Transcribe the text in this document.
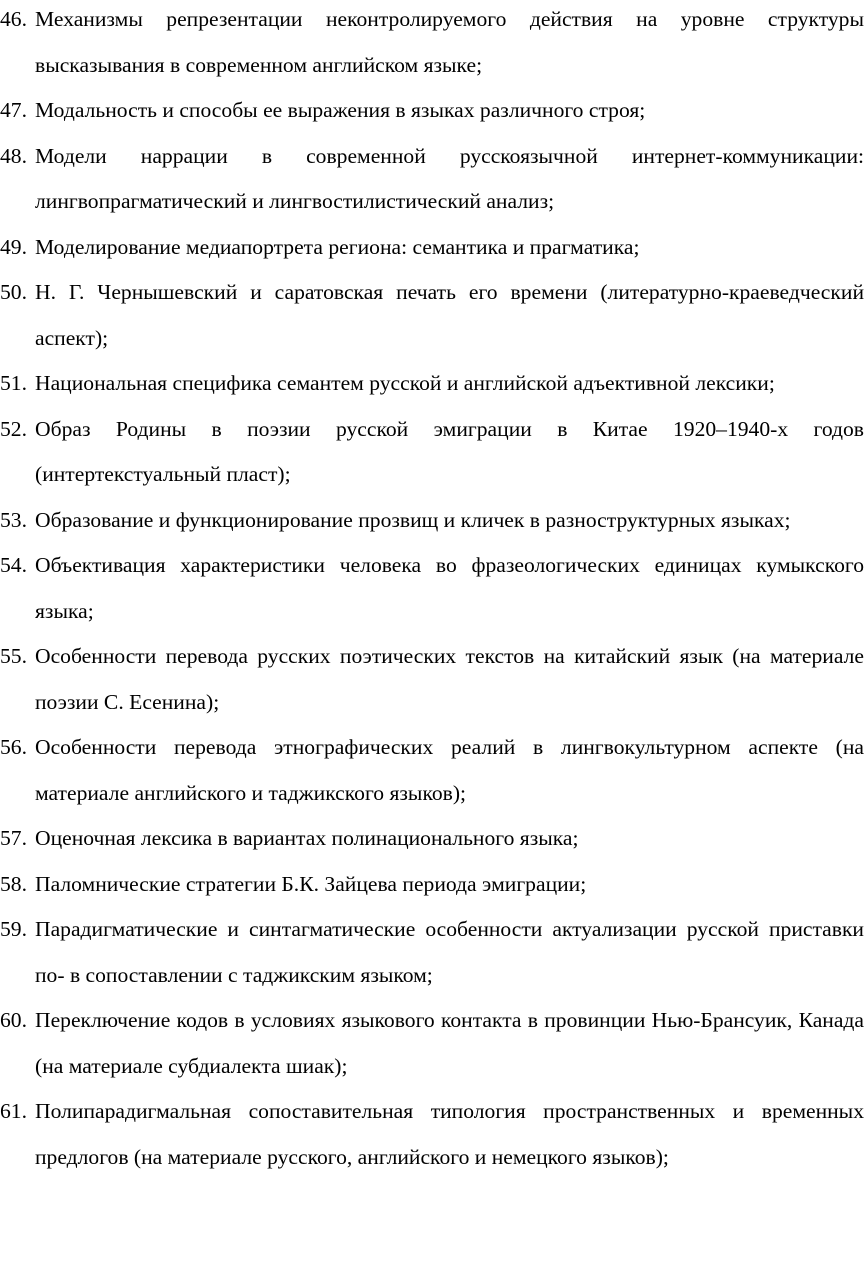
46. Механизмы репрезентации неконтролируемого действия на уровне структуры высказывания в современном английском языке;
47. Модальность и способы ее выражения в языках различного строя;
48. Модели наррации в современной русскоязычной интернет-коммуникации: лингвопрагматический и лингвостилистический анализ;
49. Моделирование медиапортрета региона: семантика и прагматика;
50. Н. Г. Чернышевский и саратовская печать его времени (литературно-краеведческий аспект);
51. Национальная специфика семантем русской и английской адъективной лексики;
52. Образ Родины в поэзии русской эмиграции в Китае 1920–1940-х годов (интертекстуальный пласт);
53. Образование и функционирование прозвищ и кличек в разноструктурных языках;
54. Объективация характеристики человека во фразеологических единицах кумыкского языка;
55. Особенности перевода русских поэтических текстов на китайский язык (на материале поэзии С. Есенина);
56. Особенности перевода этнографических реалий в лингвокультурном аспекте (на материале английского и таджикского языков);
57. Оценочная лексика в вариантах полинационального языка;
58. Паломнические стратегии Б.К. Зайцева периода эмиграции;
59. Парадигматические и синтагматические особенности актуализации русской приставки по- в сопоставлении с таджикским языком;
60. Переключение кодов в условиях языкового контакта в провинции Нью-Брансуик, Канада (на материале субдиалекта шиак);
61. Полипарадигмальная сопоставительная типология пространственных и временных предлогов (на материале русского, английского и немецкого языков);
